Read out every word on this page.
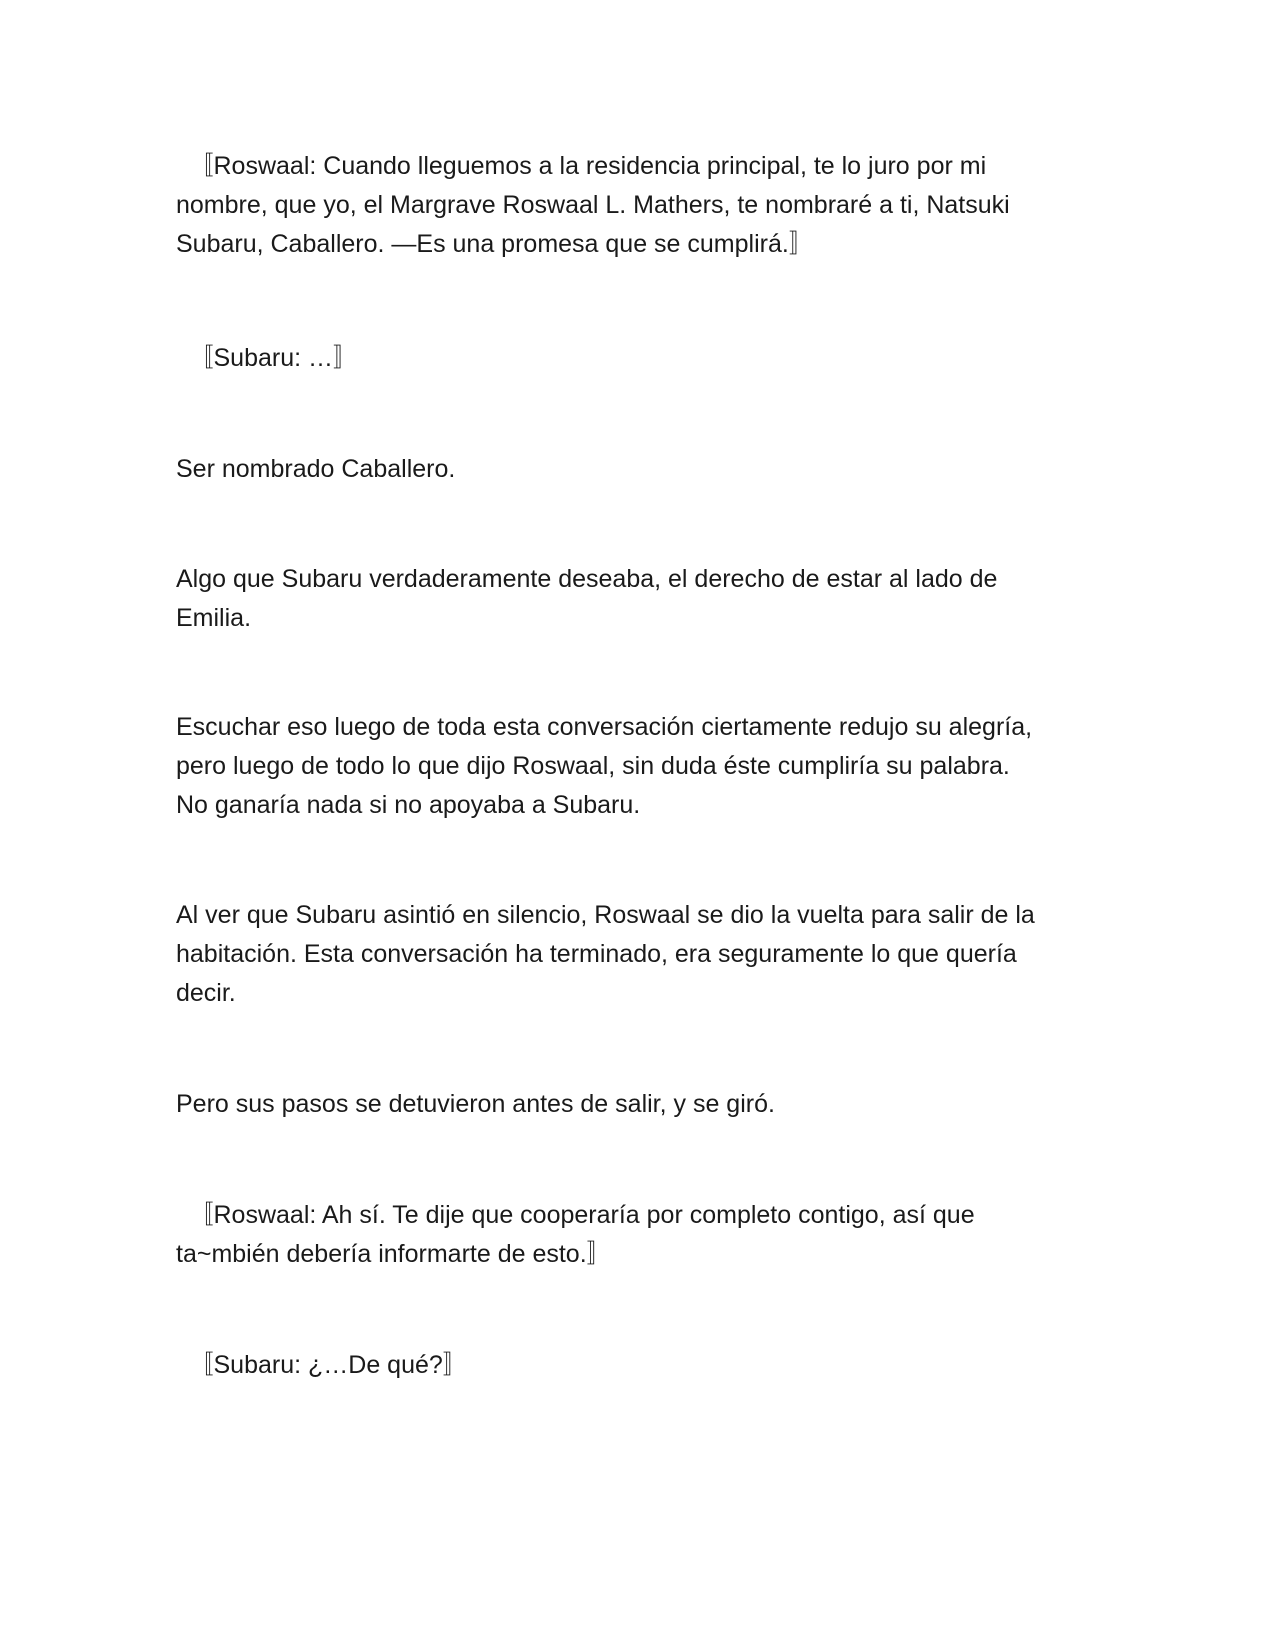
　〚Roswaal: Cuando lleguemos a la residencia principal, te lo juro por mi
nombre, que yo, el Margrave Roswaal L. Mathers, te nombraré a ti, Natsuki
Subaru, Caballero. —Es una promesa que se cumplirá.〛

　〚Subaru: …〛

Ser nombrado Caballero.

Algo que Subaru verdaderamente deseaba, el derecho de estar al lado de
Emilia.

Escuchar eso luego de toda esta conversación ciertamente redujo su alegría,
pero luego de todo lo que dijo Roswaal, sin duda éste cumpliría su palabra.
No ganaría nada si no apoyaba a Subaru.

Al ver que Subaru asintió en silencio, Roswaal se dio la vuelta para salir de la
habitación. Esta conversación ha terminado, era seguramente lo que quería
decir.

Pero sus pasos se detuvieron antes de salir, y se giró.

　〚Roswaal: Ah sí. Te dije que cooperaría por completo contigo, así que
ta~mbién debería informarte de esto.〛

　〚Subaru: ¿…De qué?〛
